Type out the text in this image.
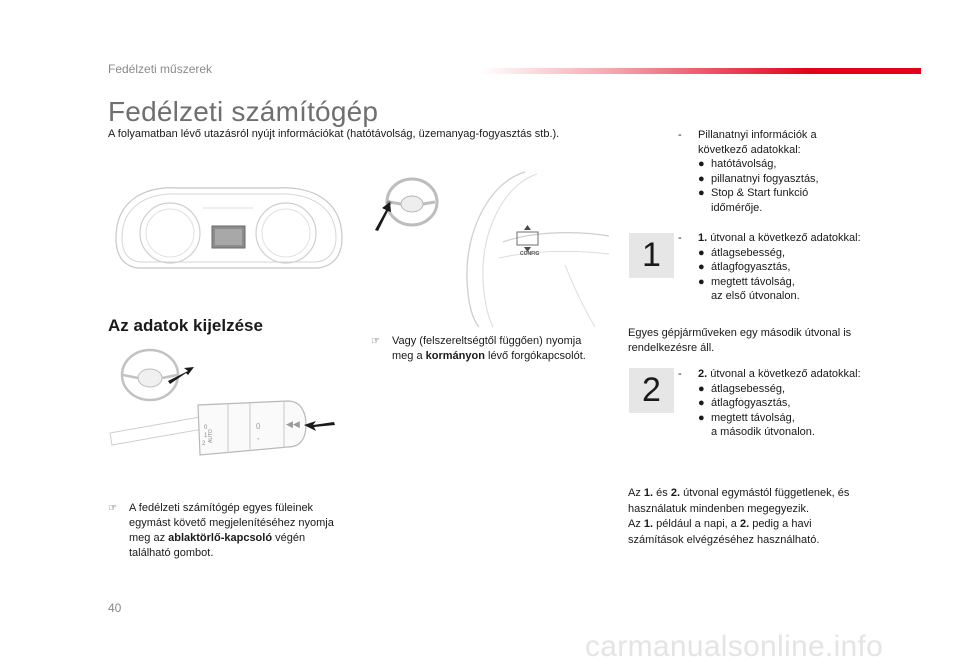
Fedélzeti műszerek
Fedélzeti számítógép
A folyamatban lévő utazásról nyújt információkat (hatótávolság, üzemanyag-fogyasztás stb.).
CONFIG
Az adatok kijelzése
0
1
2
0
◔
◀◀
AUTO
☞ Vagy (felszereltségtől függően) nyomja
meg a kormányon lévő forgókapcsolót.
☞ A fedélzeti számítógép egyes füleinek
egymást követő megjelenítéséhez nyomja
meg az ablaktörlő-kapcsoló végén
található gombot.
- Pillanatnyi információk a
következő adatokkal:
● hatótávolság,
● pillanatnyi fogyasztás,
● Stop & Start funkció
időmérője.
1	- 1. útvonal a következő adatokkal:
● átlagsebesség,
● átlagfogyasztás,
● megtett távolság,
az első útvonalon.
Egyes gépjárműveken egy második útvonal is
rendelkezésre áll.
2	- 2. útvonal a következő adatokkal:
● átlagsebesség,
● átlagfogyasztás,
● megtett távolság,
a második útvonalon.
Az 1. és 2. útvonal egymástól függetlenek, és
használatuk mindenben megegyezik.
Az 1. például a napi, a 2. pedig a havi
számítások elvégzéséhez használható.
40
carmanualsonline.info
